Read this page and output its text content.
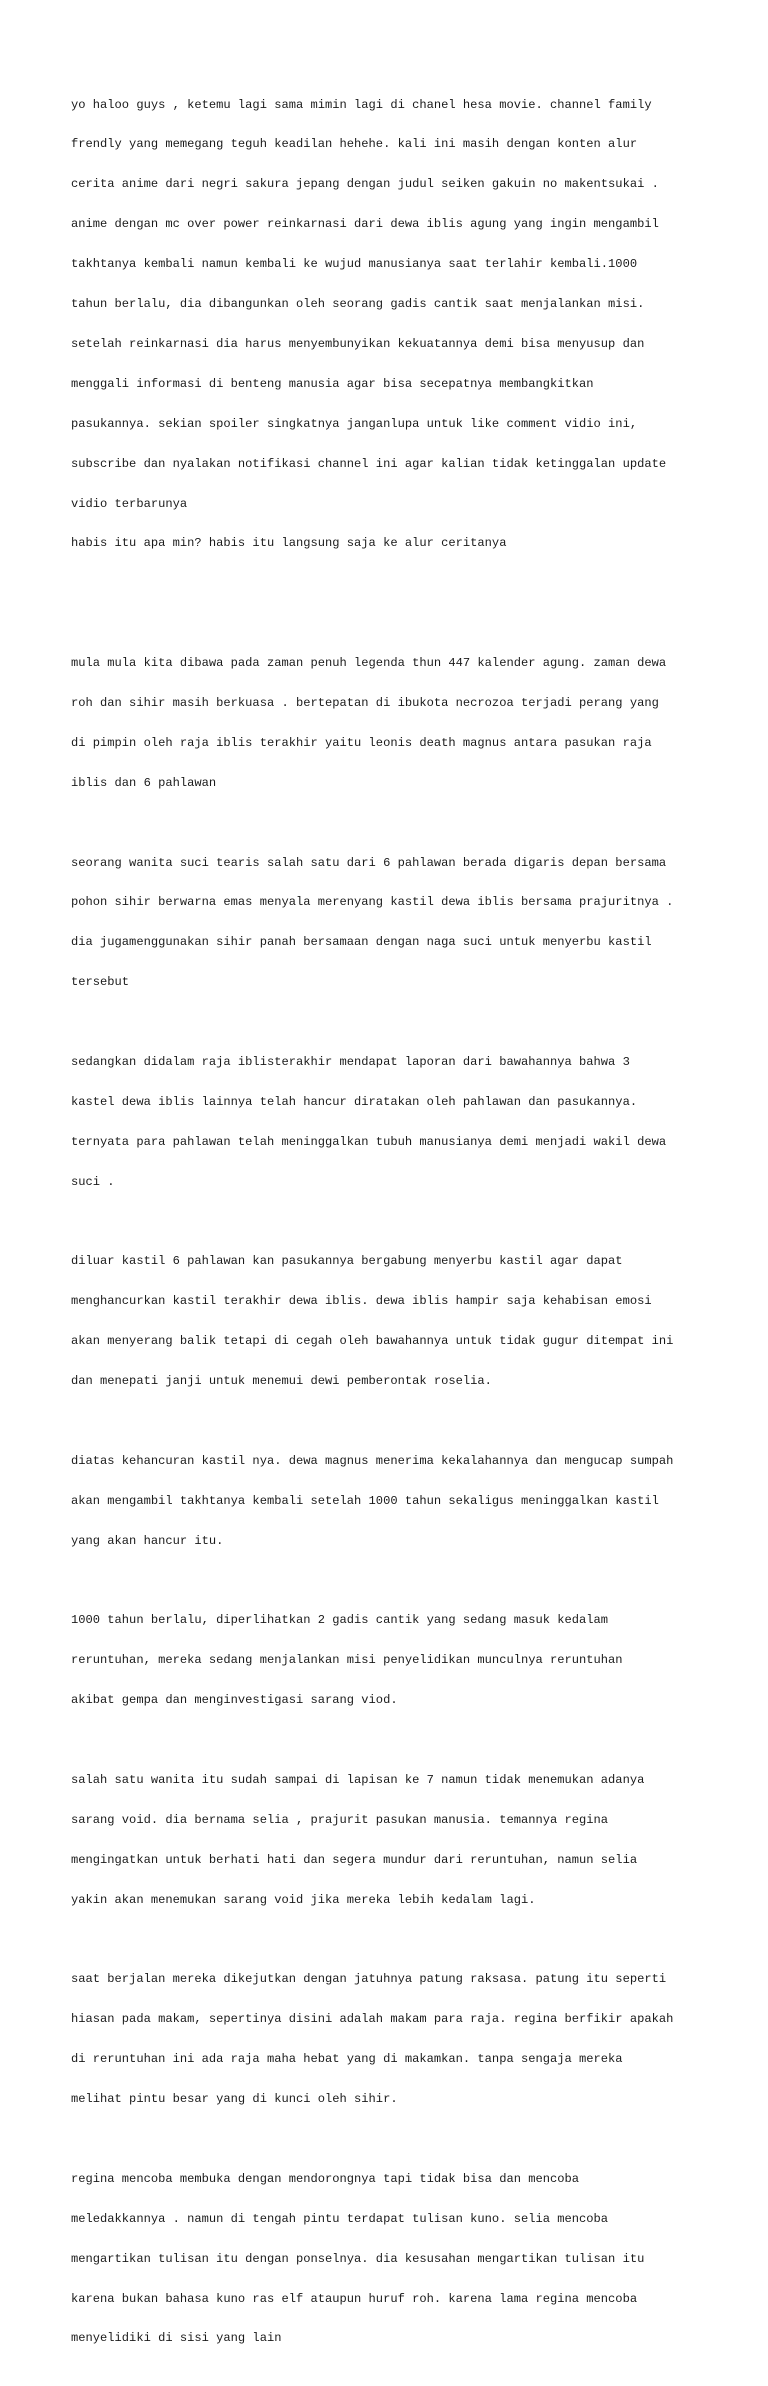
yo haloo guys , ketemu lagi sama mimin lagi di chanel hesa movie. channel family

frendly yang memegang teguh keadilan hehehe. kali ini masih dengan konten alur

cerita anime dari negri sakura jepang dengan judul seiken gakuin no makentsukai .

anime dengan mc over power reinkarnasi dari dewa iblis agung yang ingin mengambil

takhtanya kembali namun kembali ke wujud manusianya saat terlahir kembali.1000

tahun berlalu, dia dibangunkan oleh seorang gadis cantik saat menjalankan misi.

setelah reinkarnasi dia harus menyembunyikan kekuatannya demi bisa menyusup dan

menggali informasi di benteng manusia agar bisa secepatnya membangkitkan

pasukannya. sekian spoiler singkatnya janganlupa untuk like comment vidio ini,

subscribe dan nyalakan notifikasi channel ini agar kalian tidak ketinggalan update

vidio terbarunya

habis itu apa min? habis itu langsung saja ke alur ceritanya

mula mula kita dibawa pada zaman penuh legenda thun 447 kalender agung. zaman dewa

roh dan sihir masih berkuasa . bertepatan di ibukota necrozoa terjadi perang yang

di pimpin oleh raja iblis terakhir yaitu leonis death magnus antara pasukan raja

iblis dan 6 pahlawan

seorang wanita suci tearis salah satu dari 6 pahlawan berada digaris depan bersama

pohon sihir berwarna emas menyala merenyang kastil dewa iblis bersama prajuritnya .

dia jugamenggunakan sihir panah bersamaan dengan naga suci untuk menyerbu kastil

tersebut

sedangkan didalam raja iblisterakhir mendapat laporan dari bawahannya bahwa 3

kastel dewa iblis lainnya telah hancur diratakan oleh pahlawan dan pasukannya.

ternyata para pahlawan telah meninggalkan tubuh manusianya demi menjadi wakil dewa

suci .

diluar kastil 6 pahlawan kan pasukannya bergabung menyerbu kastil agar dapat

menghancurkan kastil terakhir dewa iblis. dewa iblis hampir saja kehabisan emosi

akan menyerang balik tetapi di cegah oleh bawahannya untuk tidak gugur ditempat ini

dan menepati janji untuk menemui dewi pemberontak roselia.

diatas kehancuran kastil nya. dewa magnus menerima kekalahannya dan mengucap sumpah

akan mengambil takhtanya kembali setelah 1000 tahun sekaligus meninggalkan kastil

yang akan hancur itu.

1000 tahun berlalu, diperlihatkan 2 gadis cantik yang sedang masuk kedalam

reruntuhan, mereka sedang menjalankan misi penyelidikan munculnya reruntuhan

akibat gempa dan menginvestigasi sarang viod.

salah satu wanita itu sudah sampai di lapisan ke 7 namun tidak menemukan adanya

sarang void. dia bernama selia , prajurit pasukan manusia. temannya regina

mengingatkan untuk berhati hati dan segera mundur dari reruntuhan, namun selia

yakin akan menemukan sarang void jika mereka lebih kedalam lagi.

saat berjalan mereka dikejutkan dengan jatuhnya patung raksasa. patung itu seperti

hiasan pada makam, sepertinya disini adalah makam para raja. regina berfikir apakah

di reruntuhan ini ada raja maha hebat yang di makamkan. tanpa sengaja mereka

melihat pintu besar yang di kunci oleh sihir.

regina mencoba membuka dengan mendorongnya tapi tidak bisa dan mencoba

meledakkannya . namun di tengah pintu terdapat tulisan kuno. selia mencoba

mengartikan tulisan itu dengan ponselnya. dia kesusahan mengartikan tulisan itu

karena bukan bahasa kuno ras elf ataupun huruf roh. karena lama regina mencoba

menyelidiki di sisi yang lain
